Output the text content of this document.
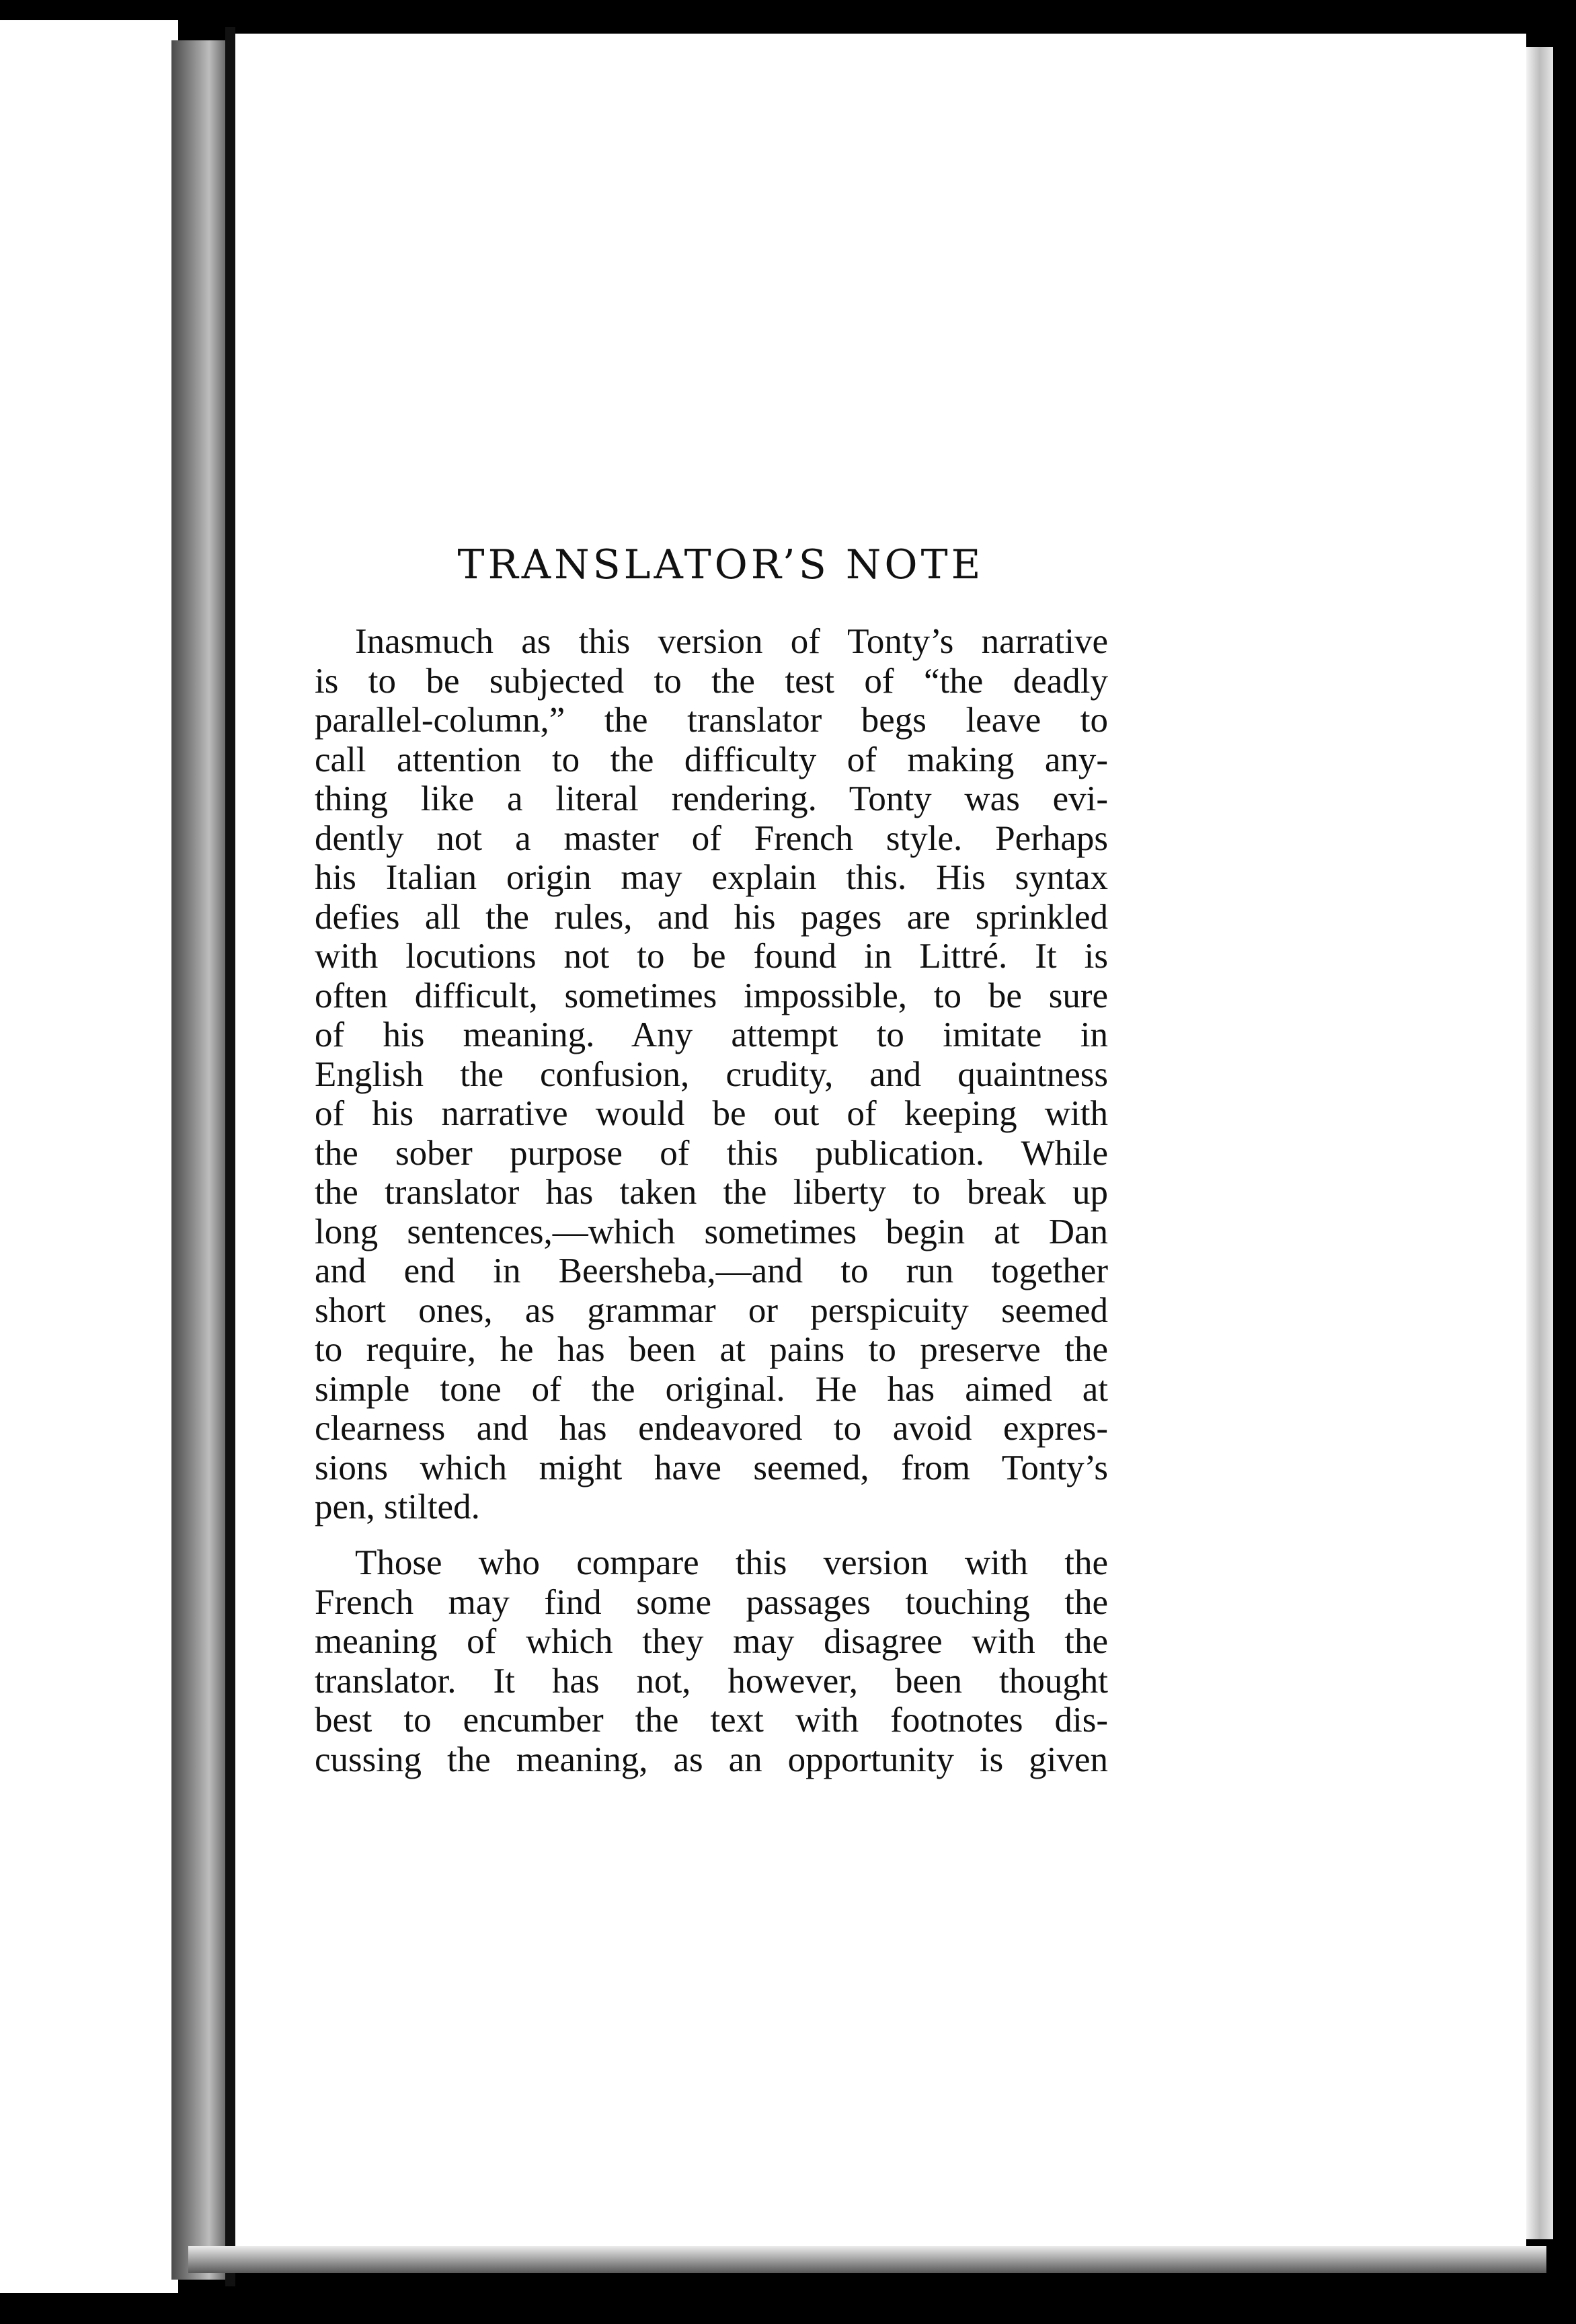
TRANSLATOR’S NOTE
Inasmuch as this version of Tonty’s narrative
is to be subjected to the test of “the deadly
parallel-column,” the translator begs leave to
call attention to the difficulty of making any-
thing like a literal rendering. Tonty was evi-
dently not a master of French style. Perhaps
his Italian origin may explain this. His syntax
defies all the rules, and his pages are sprinkled
with locutions not to be found in Littré. It is
often difficult, sometimes impossible, to be sure
of his meaning. Any attempt to imitate in
English the confusion, crudity, and quaintness
of his narrative would be out of keeping with
the sober purpose of this publication. While
the translator has taken the liberty to break up
long sentences,—which sometimes begin at Dan
and end in Beersheba,—and to run together
short ones, as grammar or perspicuity seemed
to require, he has been at pains to preserve the
simple tone of the original. He has aimed at
clearness and has endeavored to avoid expres-
sions which might have seemed, from Tonty’s
pen, stilted.
Those who compare this version with the
French may find some passages touching the
meaning of which they may disagree with the
translator. It has not, however, been thought
best to encumber the text with footnotes dis-
cussing the meaning, as an opportunity is given
